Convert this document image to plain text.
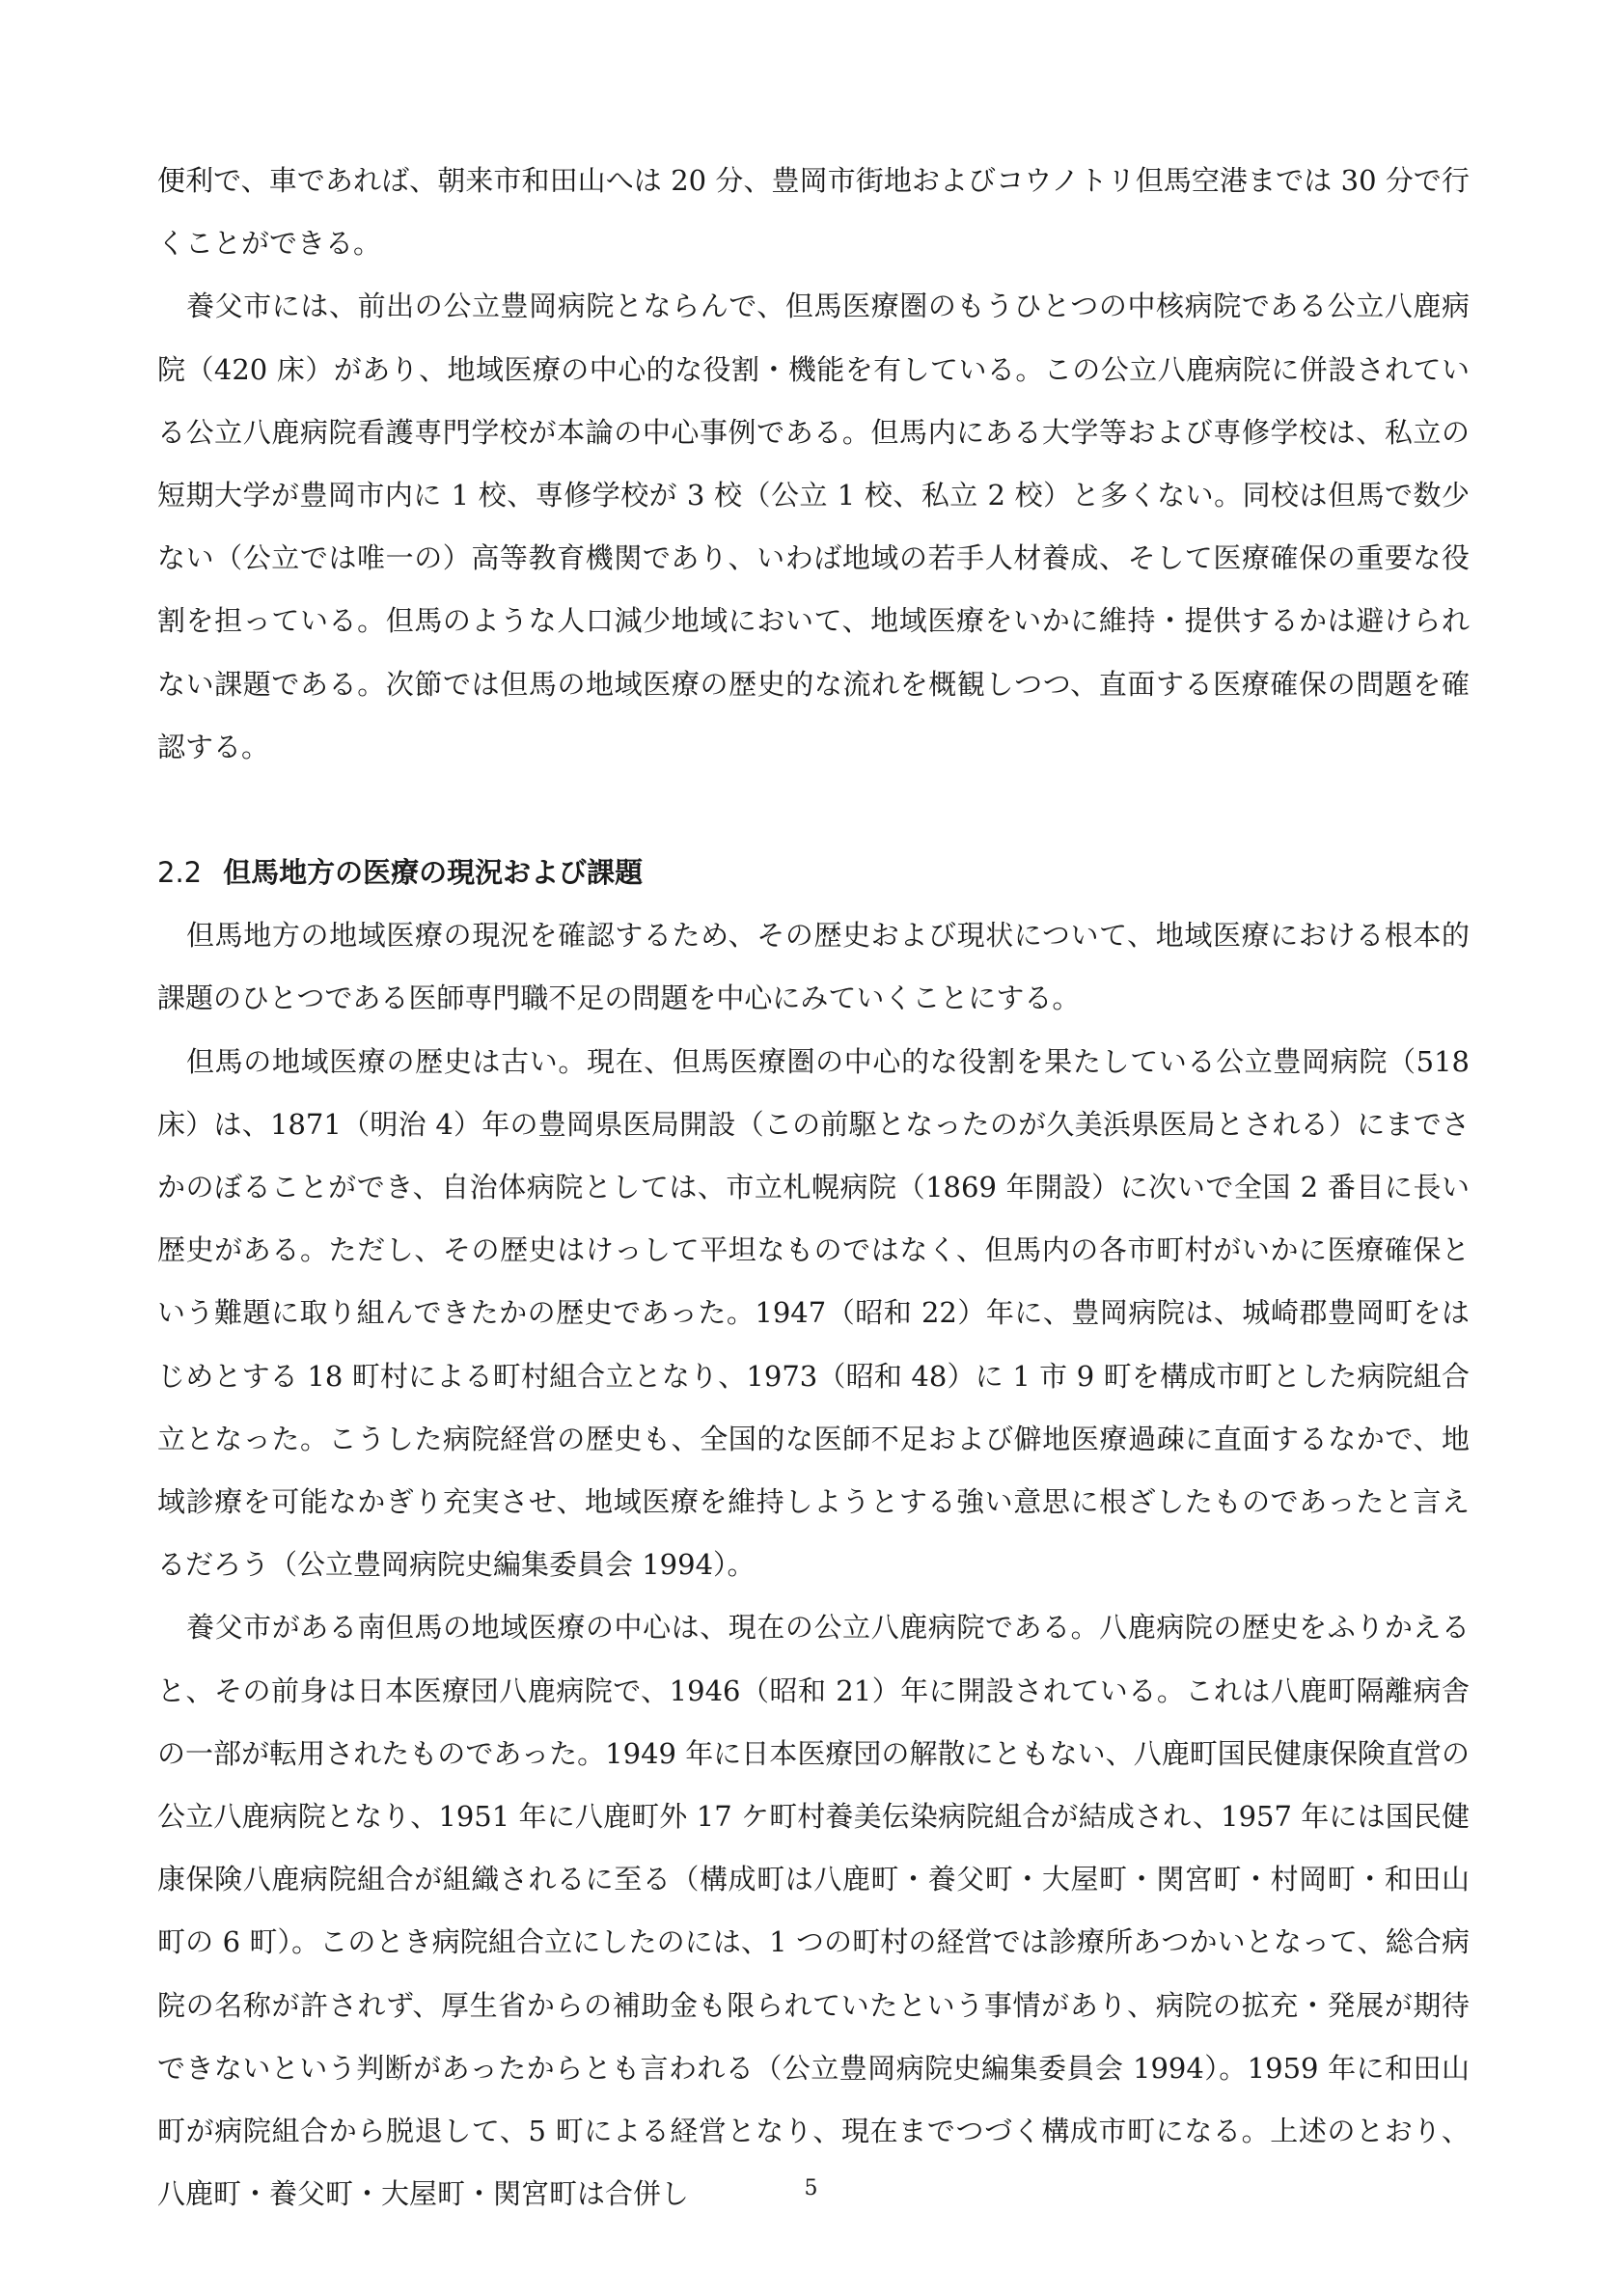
便利で、車であれば、朝来市和田山へは 20 分、豊岡市街地およびコウノトリ但馬空港までは 30 分で行くことができる。

養父市には、前出の公立豊岡病院とならんで、但馬医療圏のもうひとつの中核病院である公立八鹿病院（420 床）があり、地域医療の中心的な役割・機能を有している。この公立八鹿病院に併設されている公立八鹿病院看護専門学校が本論の中心事例である。但馬内にある大学等および専修学校は、私立の短期大学が豊岡市内に 1 校、専修学校が 3 校（公立 1 校、私立 2 校）と多くない。同校は但馬で数少ない（公立では唯一の）高等教育機関であり、いわば地域の若手人材養成、そして医療確保の重要な役割を担っている。但馬のような人口減少地域において、地域医療をいかに維持・提供するかは避けられない課題である。次節では但馬の地域医療の歴史的な流れを概観しつつ、直面する医療確保の問題を確認する。

2.2 但馬地方の医療の現況および課題

但馬地方の地域医療の現況を確認するため、その歴史および現状について、地域医療における根本的課題のひとつである医師専門職不足の問題を中心にみていくことにする。

但馬の地域医療の歴史は古い。現在、但馬医療圏の中心的な役割を果たしている公立豊岡病院（518 床）は、1871（明治 4）年の豊岡県医局開設（この前駆となったのが久美浜県医局とされる）にまでさかのぼることができ、自治体病院としては、市立札幌病院（1869 年開設）に次いで全国 2 番目に長い歴史がある。ただし、その歴史はけっして平坦なものではなく、但馬内の各市町村がいかに医療確保という難題に取り組んできたかの歴史であった。1947（昭和 22）年に、豊岡病院は、城崎郡豊岡町をはじめとする 18 町村による町村組合立となり、1973（昭和 48）に 1 市 9 町を構成市町とした病院組合立となった。こうした病院経営の歴史も、全国的な医師不足および僻地医療過疎に直面するなかで、地域診療を可能なかぎり充実させ、地域医療を維持しようとする強い意思に根ざしたものであったと言えるだろう（公立豊岡病院史編集委員会 1994）。

養父市がある南但馬の地域医療の中心は、現在の公立八鹿病院である。八鹿病院の歴史をふりかえると、その前身は日本医療団八鹿病院で、1946（昭和 21）年に開設されている。これは八鹿町隔離病舎の一部が転用されたものであった。1949 年に日本医療団の解散にともない、八鹿町国民健康保険直営の公立八鹿病院となり、1951 年に八鹿町外 17 ケ町村養美伝染病院組合が結成され、1957 年には国民健康保険八鹿病院組合が組織されるに至る（構成町は八鹿町・養父町・大屋町・関宮町・村岡町・和田山町の 6 町）。このとき病院組合立にしたのには、1 つの町村の経営では診療所あつかいとなって、総合病院の名称が許されず、厚生省からの補助金も限られていたという事情があり、病院の拡充・発展が期待できないという判断があったからとも言われる（公立豊岡病院史編集委員会 1994）。1959 年に和田山町が病院組合から脱退して、5 町による経営となり、現在までつづく構成市町になる。上述のとおり、八鹿町・養父町・大屋町・関宮町は合併し	5
